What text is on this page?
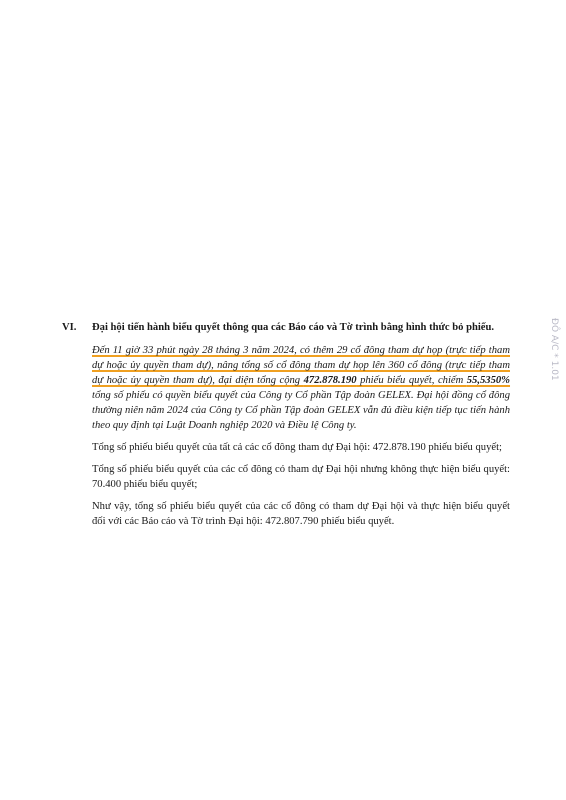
VI.	Đại hội tiến hành biểu quyết thông qua các Báo cáo và Tờ trình bằng hình thức bỏ phiếu.

Đến 11 giờ 33 phút ngày 28 tháng 3 năm 2024, có thêm 29 cổ đông tham dự họp (trực tiếp tham dự hoặc ủy quyền tham dự), nâng tổng số cổ đông tham dự họp lên 360 cổ đông (trực tiếp tham dự hoặc ủy quyền tham dự), đại diện tổng cộng 472.878.190 phiếu biểu quyết, chiếm 55,5350% tổng số phiếu có quyền biểu quyết của Công ty Cổ phần Tập đoàn GELEX. Đại hội đồng cổ đông thường niên năm 2024 của Công ty Cổ phần Tập đoàn GELEX vẫn đủ điều kiện tiếp tục tiến hành theo quy định tại Luật Doanh nghiệp 2020 và Điều lệ Công ty.

Tổng số phiếu biểu quyết của tất cả các cổ đông tham dự Đại hội: 472.878.190 phiếu biểu quyết;

Tổng số phiếu biểu quyết của các cổ đông có tham dự Đại hội nhưng không thực hiện biểu quyết: 70.400 phiếu biểu quyết;

Như vậy, tổng số phiếu biểu quyết của các cổ đông có tham dự Đại hội và thực hiện biểu quyết đối với các Báo cáo và Tờ trình Đại hội: 472.807.790 phiếu biểu quyết.

ĐÔ A/C * 1.01
